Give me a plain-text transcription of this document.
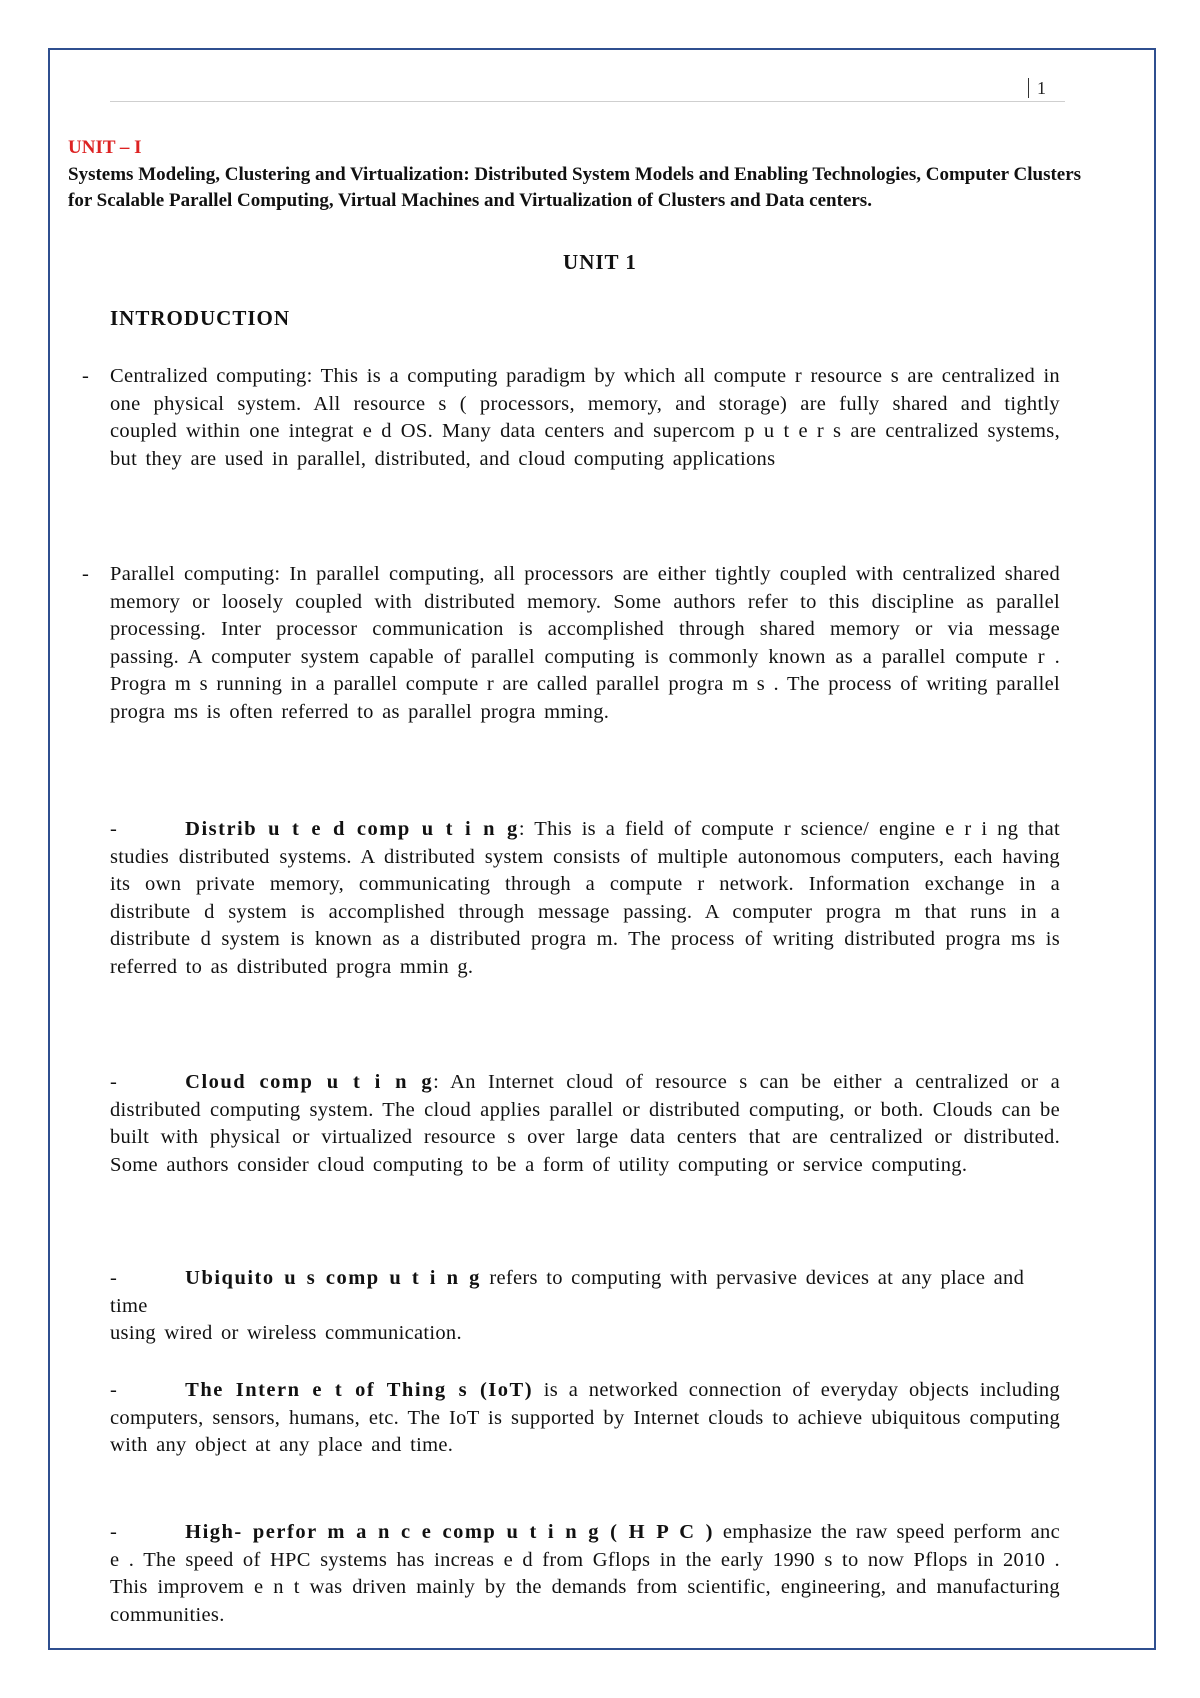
1
UNIT – I
Systems Modeling, Clustering and Virtualization: Distributed System Models and Enabling Technologies, Computer Clusters for Scalable Parallel Computing, Virtual Machines and Virtualization of Clusters and Data centers.
UNIT 1
INTRODUCTION
- Centralized computing: This is a computing paradigm by which all compute r resource s are centralized in one physical system. All resource s ( processors, memory, and storage) are fully shared and tightly coupled within one integrat e d OS. Many data centers and supercom p u t e r s are centralized systems, but they are used in parallel, distributed, and cloud computing applications
- Parallel computing: In parallel computing, all processors are either tightly coupled with centralized shared memory or loosely coupled with distributed memory. Some authors refer to this discipline as parallel processing. Inter processor communication is accomplished through shared memory or via message passing. A computer system capable of parallel computing is commonly known as a parallel compute r . Progra m s running in a parallel compute r are called parallel progra m s . The process of writing parallel progra ms is often referred to as parallel progra mming.
-	Distrib u t e d comp u t i n g: This is a field of compute r science/ engine e r i ng that studies distributed systems. A distributed system consists of multiple autonomous computers, each having its own private memory, communicating through a compute r network. Information exchange in a distribute d system is accomplished through message passing. A computer progra m that runs in a distribute d system is known as a distributed progra m. The process of writing distributed progra ms is referred to as distributed progra mmin g.
-	Cloud comp u t i n g: An Internet cloud of resource s can be either a centralized or a distributed computing system. The cloud applies parallel or distributed computing, or both. Clouds can be built with physical or virtualized resource s over large data centers that are centralized or distributed. Some authors consider cloud computing to be a form of utility computing or service computing.
-	Ubiquito u s comp u t i n g refers to computing with pervasive devices at any place and time
using wired or wireless communication.
-	The Intern e t of Thing s (IoT) is a networked connection of everyday objects including computers, sensors, humans, etc. The IoT is supported by Internet clouds to achieve ubiquitous computing with any object at any place and time.
-	High- perfor m a n c e comp u t i n g ( H P C ) emphasize the raw speed perform anc e . The speed of HPC systems has increas e d from Gflops in the early 1990 s to now Pflops in 2010 . This improvem e n t was driven mainly by the demands from scientific, engineering, and manufacturing communities.
